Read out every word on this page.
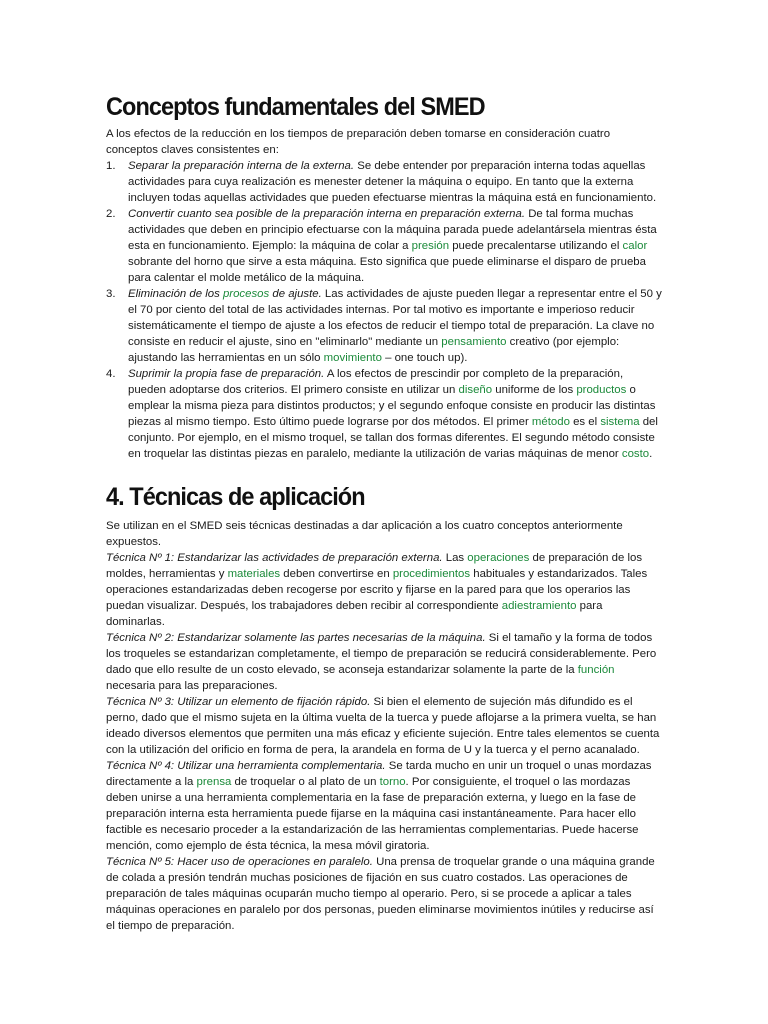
Conceptos fundamentales del SMED

A los efectos de la reducción en los tiempos de preparación deben tomarse en consideración cuatro conceptos claves consistentes en:

1. Separar la preparación interna de la externa. Se debe entender por preparación interna todas aquellas actividades para cuya realización es menester detener la máquina o equipo. En tanto que la externa incluyen todas aquellas actividades que pueden efectuarse mientras la máquina está en funcionamiento.
2. Convertir cuanto sea posible de la preparación interna en preparación externa. De tal forma muchas actividades que deben en principio efectuarse con la máquina parada puede adelantársela mientras ésta esta en funcionamiento. Ejemplo: la máquina de colar a presión puede precalentarse utilizando el calor sobrante del horno que sirve a esta máquina. Esto significa que puede eliminarse el disparo de prueba para calentar el molde metálico de la máquina.
3. Eliminación de los procesos de ajuste. Las actividades de ajuste pueden llegar a representar entre el 50 y el 70 por ciento del total de las actividades internas. Por tal motivo es importante e imperioso reducir sistemáticamente el tiempo de ajuste a los efectos de reducir el tiempo total de preparación. La clave no consiste en reducir el ajuste, sino en "eliminarlo" mediante un pensamiento creativo (por ejemplo: ajustando las herramientas en un sólo movimiento – one touch up).
4. Suprimir la propia fase de preparación. A los efectos de prescindir por completo de la preparación, pueden adoptarse dos criterios. El primero consiste en utilizar un diseño uniforme de los productos o emplear la misma pieza para distintos productos; y el segundo enfoque consiste en producir las distintas piezas al mismo tiempo. Esto último puede lograrse por dos métodos. El primer método es el sistema del conjunto. Por ejemplo, en el mismo troquel, se tallan dos formas diferentes. El segundo método consiste en troquelar las distintas piezas en paralelo, mediante la utilización de varias máquinas de menor costo.
4. Técnicas de aplicación

Se utilizan en el SMED seis técnicas destinadas a dar aplicación a los cuatro conceptos anteriormente expuestos.

Técnica Nº 1: Estandarizar las actividades de preparación externa. Las operaciones de preparación de los moldes, herramientas y materiales deben convertirse en procedimientos habituales y estandarizados. Tales operaciones estandarizadas deben recogerse por escrito y fijarse en la pared para que los operarios las puedan visualizar. Después, los trabajadores deben recibir al correspondiente adiestramiento para dominarlas.

Técnica Nº 2: Estandarizar solamente las partes necesarias de la máquina. Si el tamaño y la forma de todos los troqueles se estandarizan completamente, el tiempo de preparación se reducirá considerablemente. Pero dado que ello resulte de un costo elevado, se aconseja estandarizar solamente la parte de la función necesaria para las preparaciones.

Técnica Nº 3: Utilizar un elemento de fijación rápido. Si bien el elemento de sujeción más difundido es el perno, dado que el mismo sujeta en la última vuelta de la tuerca y puede aflojarse a la primera vuelta, se han ideado diversos elementos que permiten una más eficaz y eficiente sujeción. Entre tales elementos se cuenta con la utilización del orificio en forma de pera, la arandela en forma de U y la tuerca y el perno acanalado.

Técnica Nº 4: Utilizar una herramienta complementaria. Se tarda mucho en unir un troquel o unas mordazas directamente a la prensa de troquelar o al plato de un torno. Por consiguiente, el troquel o las mordazas deben unirse a una herramienta complementaria en la fase de preparación externa, y luego en la fase de preparación interna esta herramienta puede fijarse en la máquina casi instantáneamente. Para hacer ello factible es necesario proceder a la estandarización de las herramientas complementarias. Puede hacerse mención, como ejemplo de ésta técnica, la mesa móvil giratoria.

Técnica Nº 5: Hacer uso de operaciones en paralelo. Una prensa de troquelar grande o una máquina grande de colada a presión tendrán muchas posiciones de fijación en sus cuatro costados. Las operaciones de preparación de tales máquinas ocuparán mucho tiempo al operario. Pero, si se procede a aplicar a tales máquinas operaciones en paralelo por dos personas, pueden eliminarse movimientos inútiles y reducirse así el tiempo de preparación.
